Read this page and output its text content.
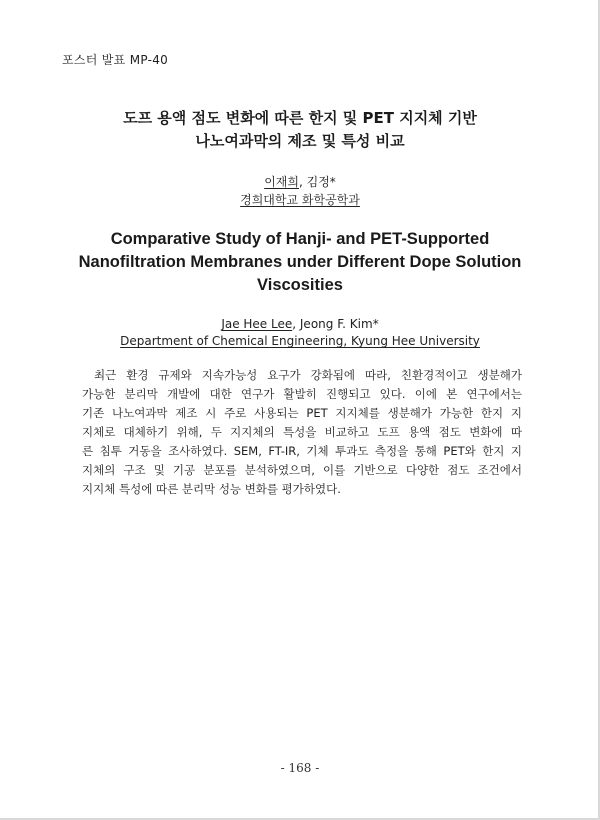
포스터 발표 MP-40
도프 용액 점도 변화에 따른 한지 및 PET 지지체 기반
나노여과막의 제조 및 특성 비교
이재희, 김정*
경희대학교 화학공학과
Comparative Study of Hanji- and PET-Supported
Nanofiltration Membranes under Different Dope Solution
Viscosities
Jae Hee Lee, Jeong F. Kim*
Department of Chemical Engineering, Kyung Hee University
최근 환경 규제와 지속가능성 요구가 강화됨에 따라, 친환경적이고 생분해가
가능한 분리막 개발에 대한 연구가 활발히 진행되고 있다. 이에 본 연구에서는
기존 나노여과막 제조 시 주로 사용되는 PET 지지체를 생분해가 가능한 한지 지
지체로 대체하기 위해, 두 지지체의 특성을 비교하고 도프 용액 점도 변화에 따
른 침투 거동을 조사하였다. SEM, FT-IR, 기체 투과도 측정을 통해 PET와 한지 지
지체의 구조 및 기공 분포를 분석하였으며, 이를 기반으로 다양한 점도 조건에서
지지체 특성에 따른 분리막 성능 변화를 평가하였다.
- 168 -
